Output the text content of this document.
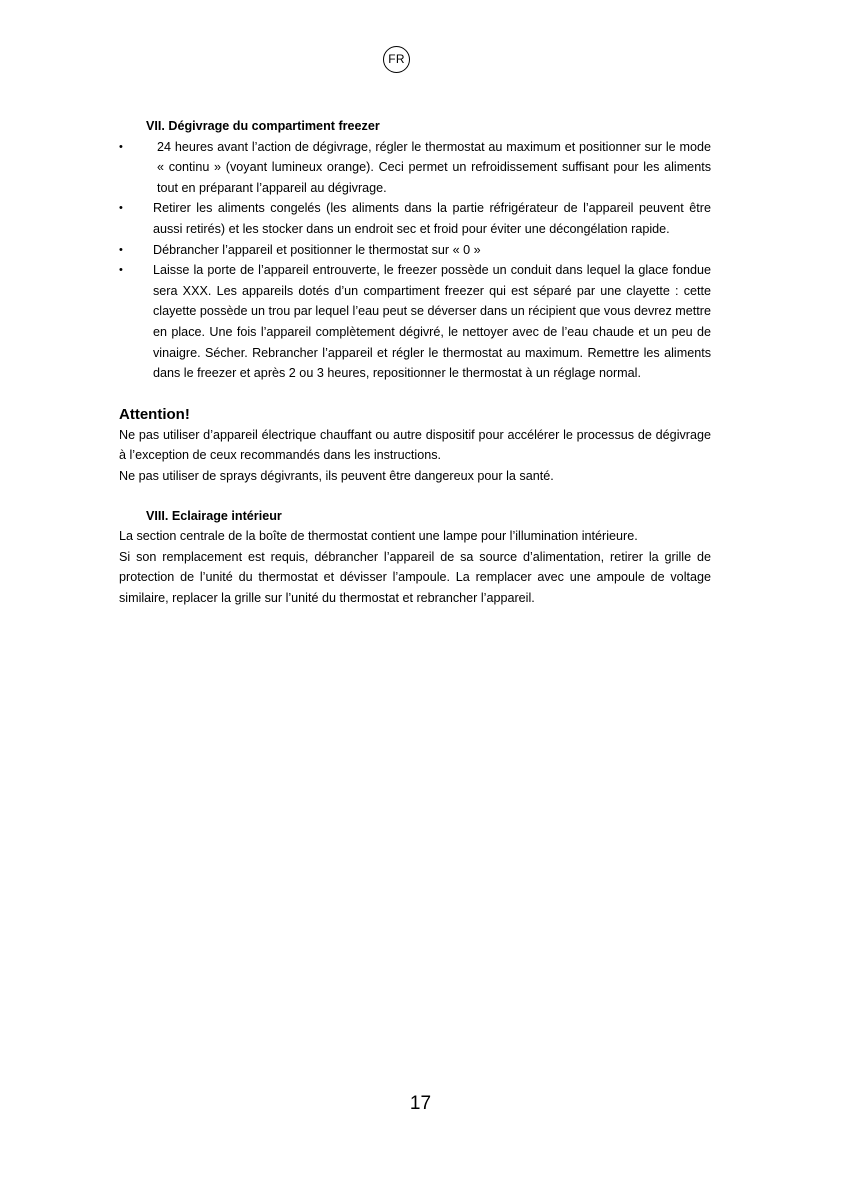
FR
VII. Dégivrage du compartiment freezer
• 24 heures avant l’action de dégivrage, régler le thermostat au maximum et positionner sur le mode « continu » (voyant lumineux orange). Ceci permet un refroidissement suffisant pour les aliments tout en préparant l’appareil au dégivrage.
• Retirer les aliments congelés (les aliments dans la partie réfrigérateur de l’appareil peuvent être aussi retirés) et les stocker dans un endroit sec et froid pour éviter une décongélation rapide.
• Débrancher l’appareil et positionner le thermostat sur « 0 »
• Laisse la porte de l’appareil entrouverte, le freezer possède un conduit dans lequel la glace fondue sera XXX. Les appareils dotés d’un compartiment freezer qui est séparé par une clayette : cette clayette possède un trou par lequel l’eau peut se déverser dans un récipient que vous devrez mettre en place. Une fois l’appareil complètement dégivré, le nettoyer avec de l’eau chaude et un peu de vinaigre. Sécher. Rebrancher l’appareil et régler le thermostat au maximum. Remettre les aliments dans le freezer et après 2 ou 3 heures, repositionner le thermostat à un réglage normal.
Attention!
Ne pas utiliser d’appareil électrique chauffant ou autre dispositif pour accélérer le processus de dégivrage à l’exception de ceux recommandés dans les instructions.
Ne pas utiliser de sprays dégivrants, ils peuvent être dangereux pour la santé.
VIII. Eclairage intérieur
La section centrale de la boîte de thermostat contient une lampe pour l’illumination intérieure.
Si son remplacement est requis, débrancher l’appareil de sa source d’alimentation, retirer la grille de protection de l’unité du thermostat et dévisser l’ampoule. La remplacer avec une ampoule de voltage similaire, replacer la grille sur l’unité du thermostat et rebrancher l’appareil.
17
